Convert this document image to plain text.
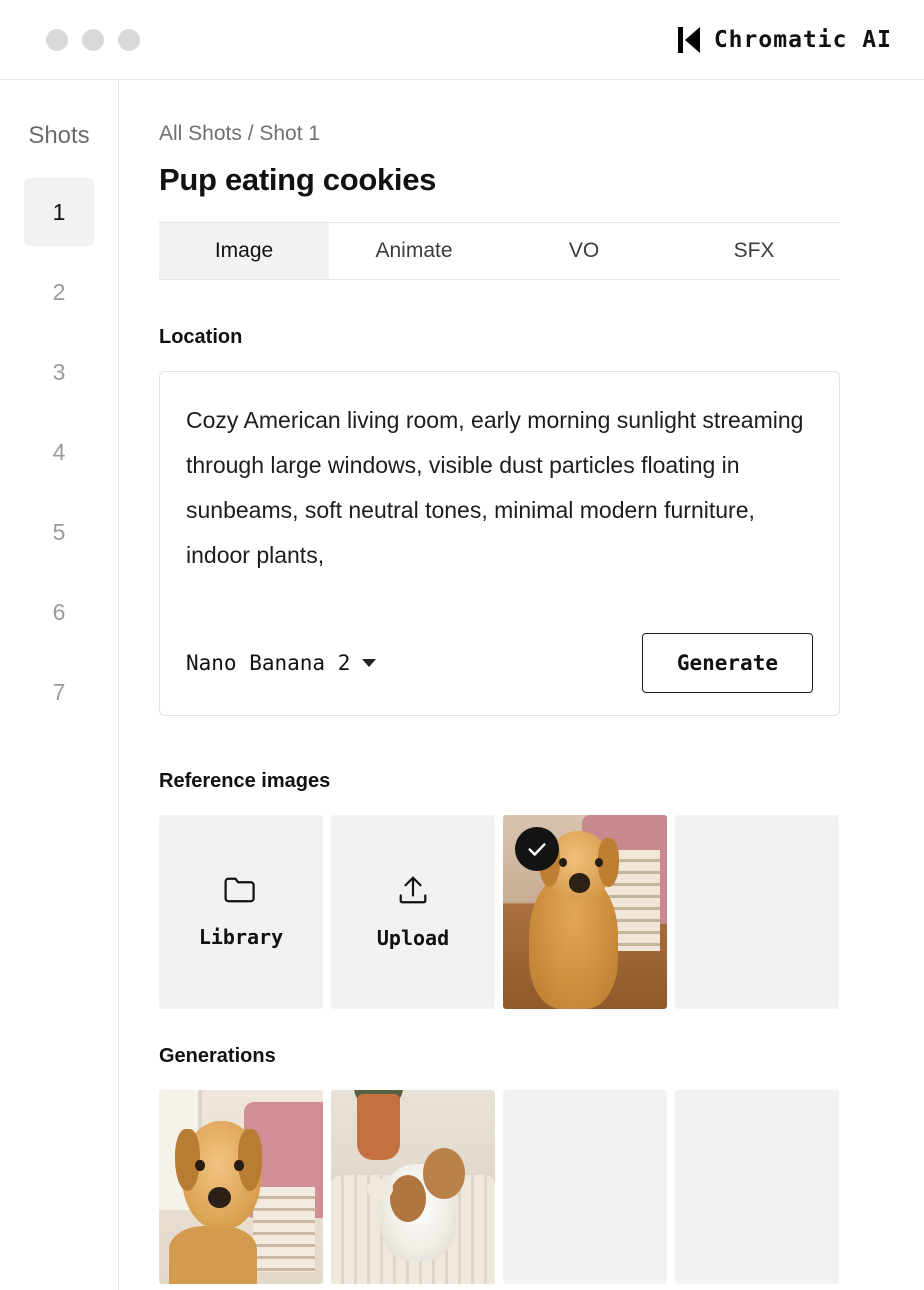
Chromatic AI
Shots
1
2
3
4
5
6
7
All Shots / Shot 1
Pup eating cookies
Image	Animate	VO	SFX
Location
Cozy American living room, early morning sunlight streaming through large windows, visible dust particles floating in sunbeams, soft neutral tones, minimal modern furniture, indoor plants,
Nano Banana 2	Generate
Reference images
Library	Upload
Generations
